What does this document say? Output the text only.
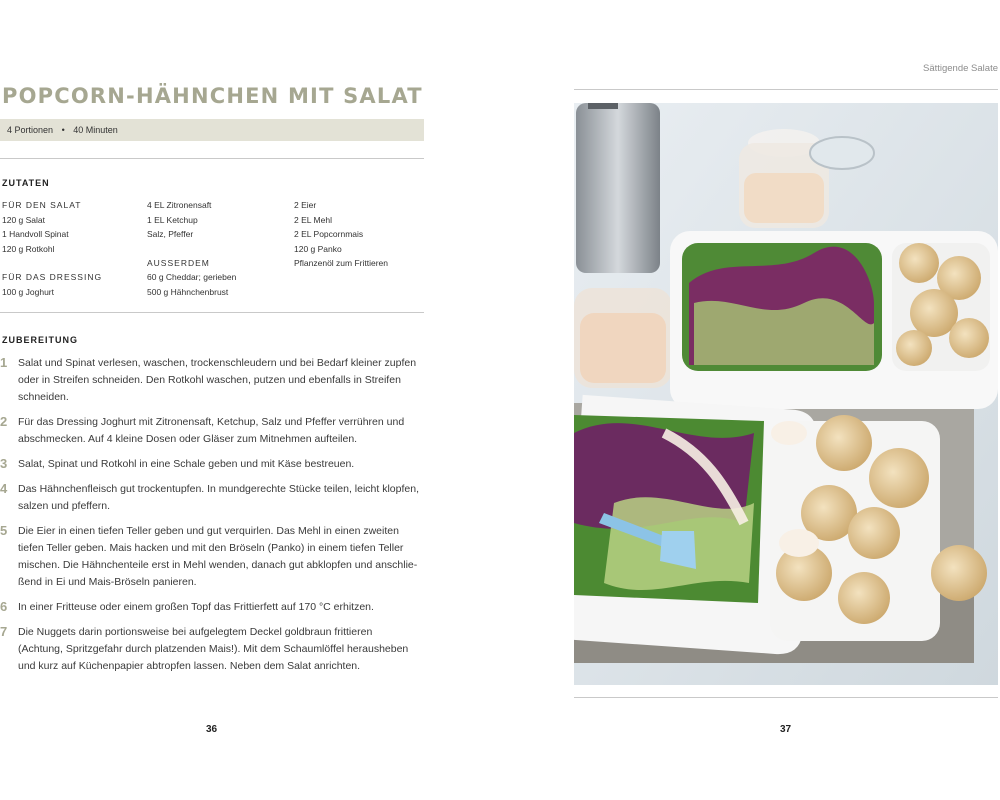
POPCORN-HÄHNCHEN MIT SALAT
4 Portionen • 40 Minuten
ZUTATEN
FÜR DEN SALAT
120 g Salat
1 Handvoll Spinat
120 g Rotkohl
FÜR DAS DRESSING
100 g Joghurt
4 EL Zitronensaft
1 EL Ketchup
Salz, Pfeffer
AUSSERDEM
60 g Cheddar; gerieben
500 g Hähnchenbrust
2 Eier
2 EL Mehl
2 EL Popcornmais
120 g Panko
Pflanzenöl zum Frittieren
ZUBEREITUNG
1 Salat und Spinat verlesen, waschen, trockenschleudern und bei Bedarf kleiner zupfen
oder in Streifen schneiden. Den Rotkohl waschen, putzen und ebenfalls in Streifen
schneiden.
2 Für das Dressing Joghurt mit Zitronensaft, Ketchup, Salz und Pfeffer verrühren und
abschmecken. Auf 4 kleine Dosen oder Gläser zum Mitnehmen aufteilen.
3 Salat, Spinat und Rotkohl in eine Schale geben und mit Käse bestreuen.
4 Das Hähnchenfleisch gut trockentupfen. In mundgerechte Stücke teilen, leicht klopfen,
salzen und pfeffern.
5 Die Eier in einen tiefen Teller geben und gut verquirlen. Das Mehl in einen zweiten
tiefen Teller geben. Mais hacken und mit den Bröseln (Panko) in einem tiefen Teller
mischen. Die Hähnchenteile erst in Mehl wenden, danach gut abklopfen und anschlie-
ßend in Ei und Mais-Bröseln panieren.
6 In einer Fritteuse oder einem großen Topf das Frittierfett auf 170 °C erhitzen.
7 Die Nuggets darin portionsweise bei aufgelegtem Deckel goldbraun frittieren
(Achtung, Spritzgefahr durch platzenden Mais!). Mit dem Schaumlöffel herausheben
und kurz auf Küchenpapier abtropfen lassen. Neben dem Salat anrichten.
36
Sättigende Salate
37
